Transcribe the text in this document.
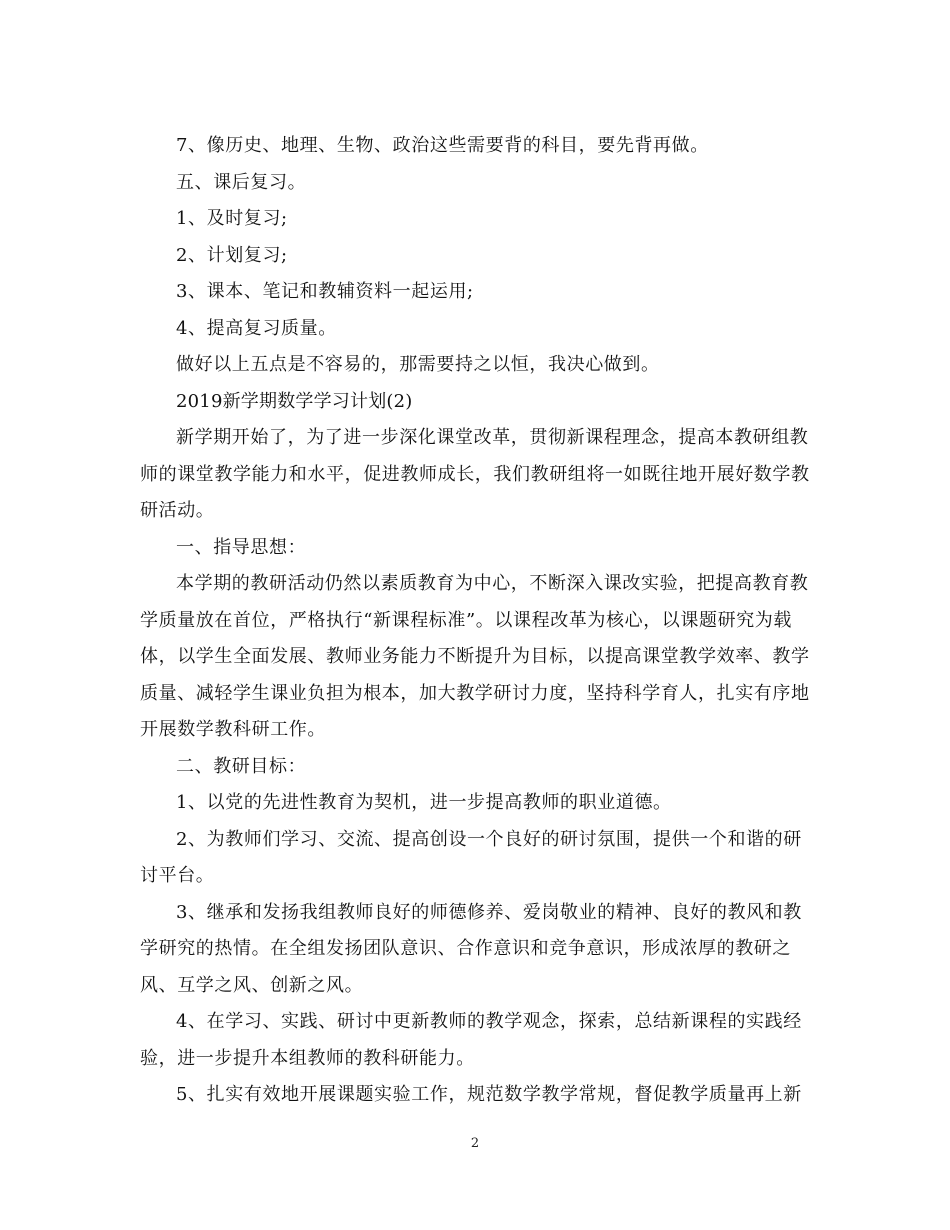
7、像历史、地理、生物、政治这些需要背的科目，要先背再做。

五、课后复习。

1、及时复习;

2、计划复习;

3、课本、笔记和教辅资料一起运用;

4、提高复习质量。

做好以上五点是不容易的，那需要持之以恒，我决心做到。

2019新学期数学学习计划(2)

新学期开始了，为了进一步深化课堂改革，贯彻新课程理念，提高本教研组教师的课堂教学能力和水平，促进教师成长，我们教研组将一如既往地开展好数学教研活动。

一、指导思想：

本学期的教研活动仍然以素质教育为中心，不断深入课改实验，把提高教育教学质量放在首位，严格执行“新课程标准”。以课程改革为核心，以课题研究为载体，以学生全面发展、教师业务能力不断提升为目标，以提高课堂教学效率、教学质量、减轻学生课业负担为根本，加大教学研讨力度，坚持科学育人，扎实有序地开展数学教科研工作。

二、教研目标：

1、以党的先进性教育为契机，进一步提高教师的职业道德。

2、为教师们学习、交流、提高创设一个良好的研讨氛围，提供一个和谐的研讨平台。

3、继承和发扬我组教师良好的师德修养、爱岗敬业的精神、良好的教风和教学研究的热情。在全组发扬团队意识、合作意识和竞争意识，形成浓厚的教研之风、互学之风、创新之风。

4、在学习、实践、研讨中更新教师的教学观念，探索，总结新课程的实践经验，进一步提升本组教师的教科研能力。

5、扎实有效地开展课题实验工作，规范数学教学常规，督促教学质量再上新

2
